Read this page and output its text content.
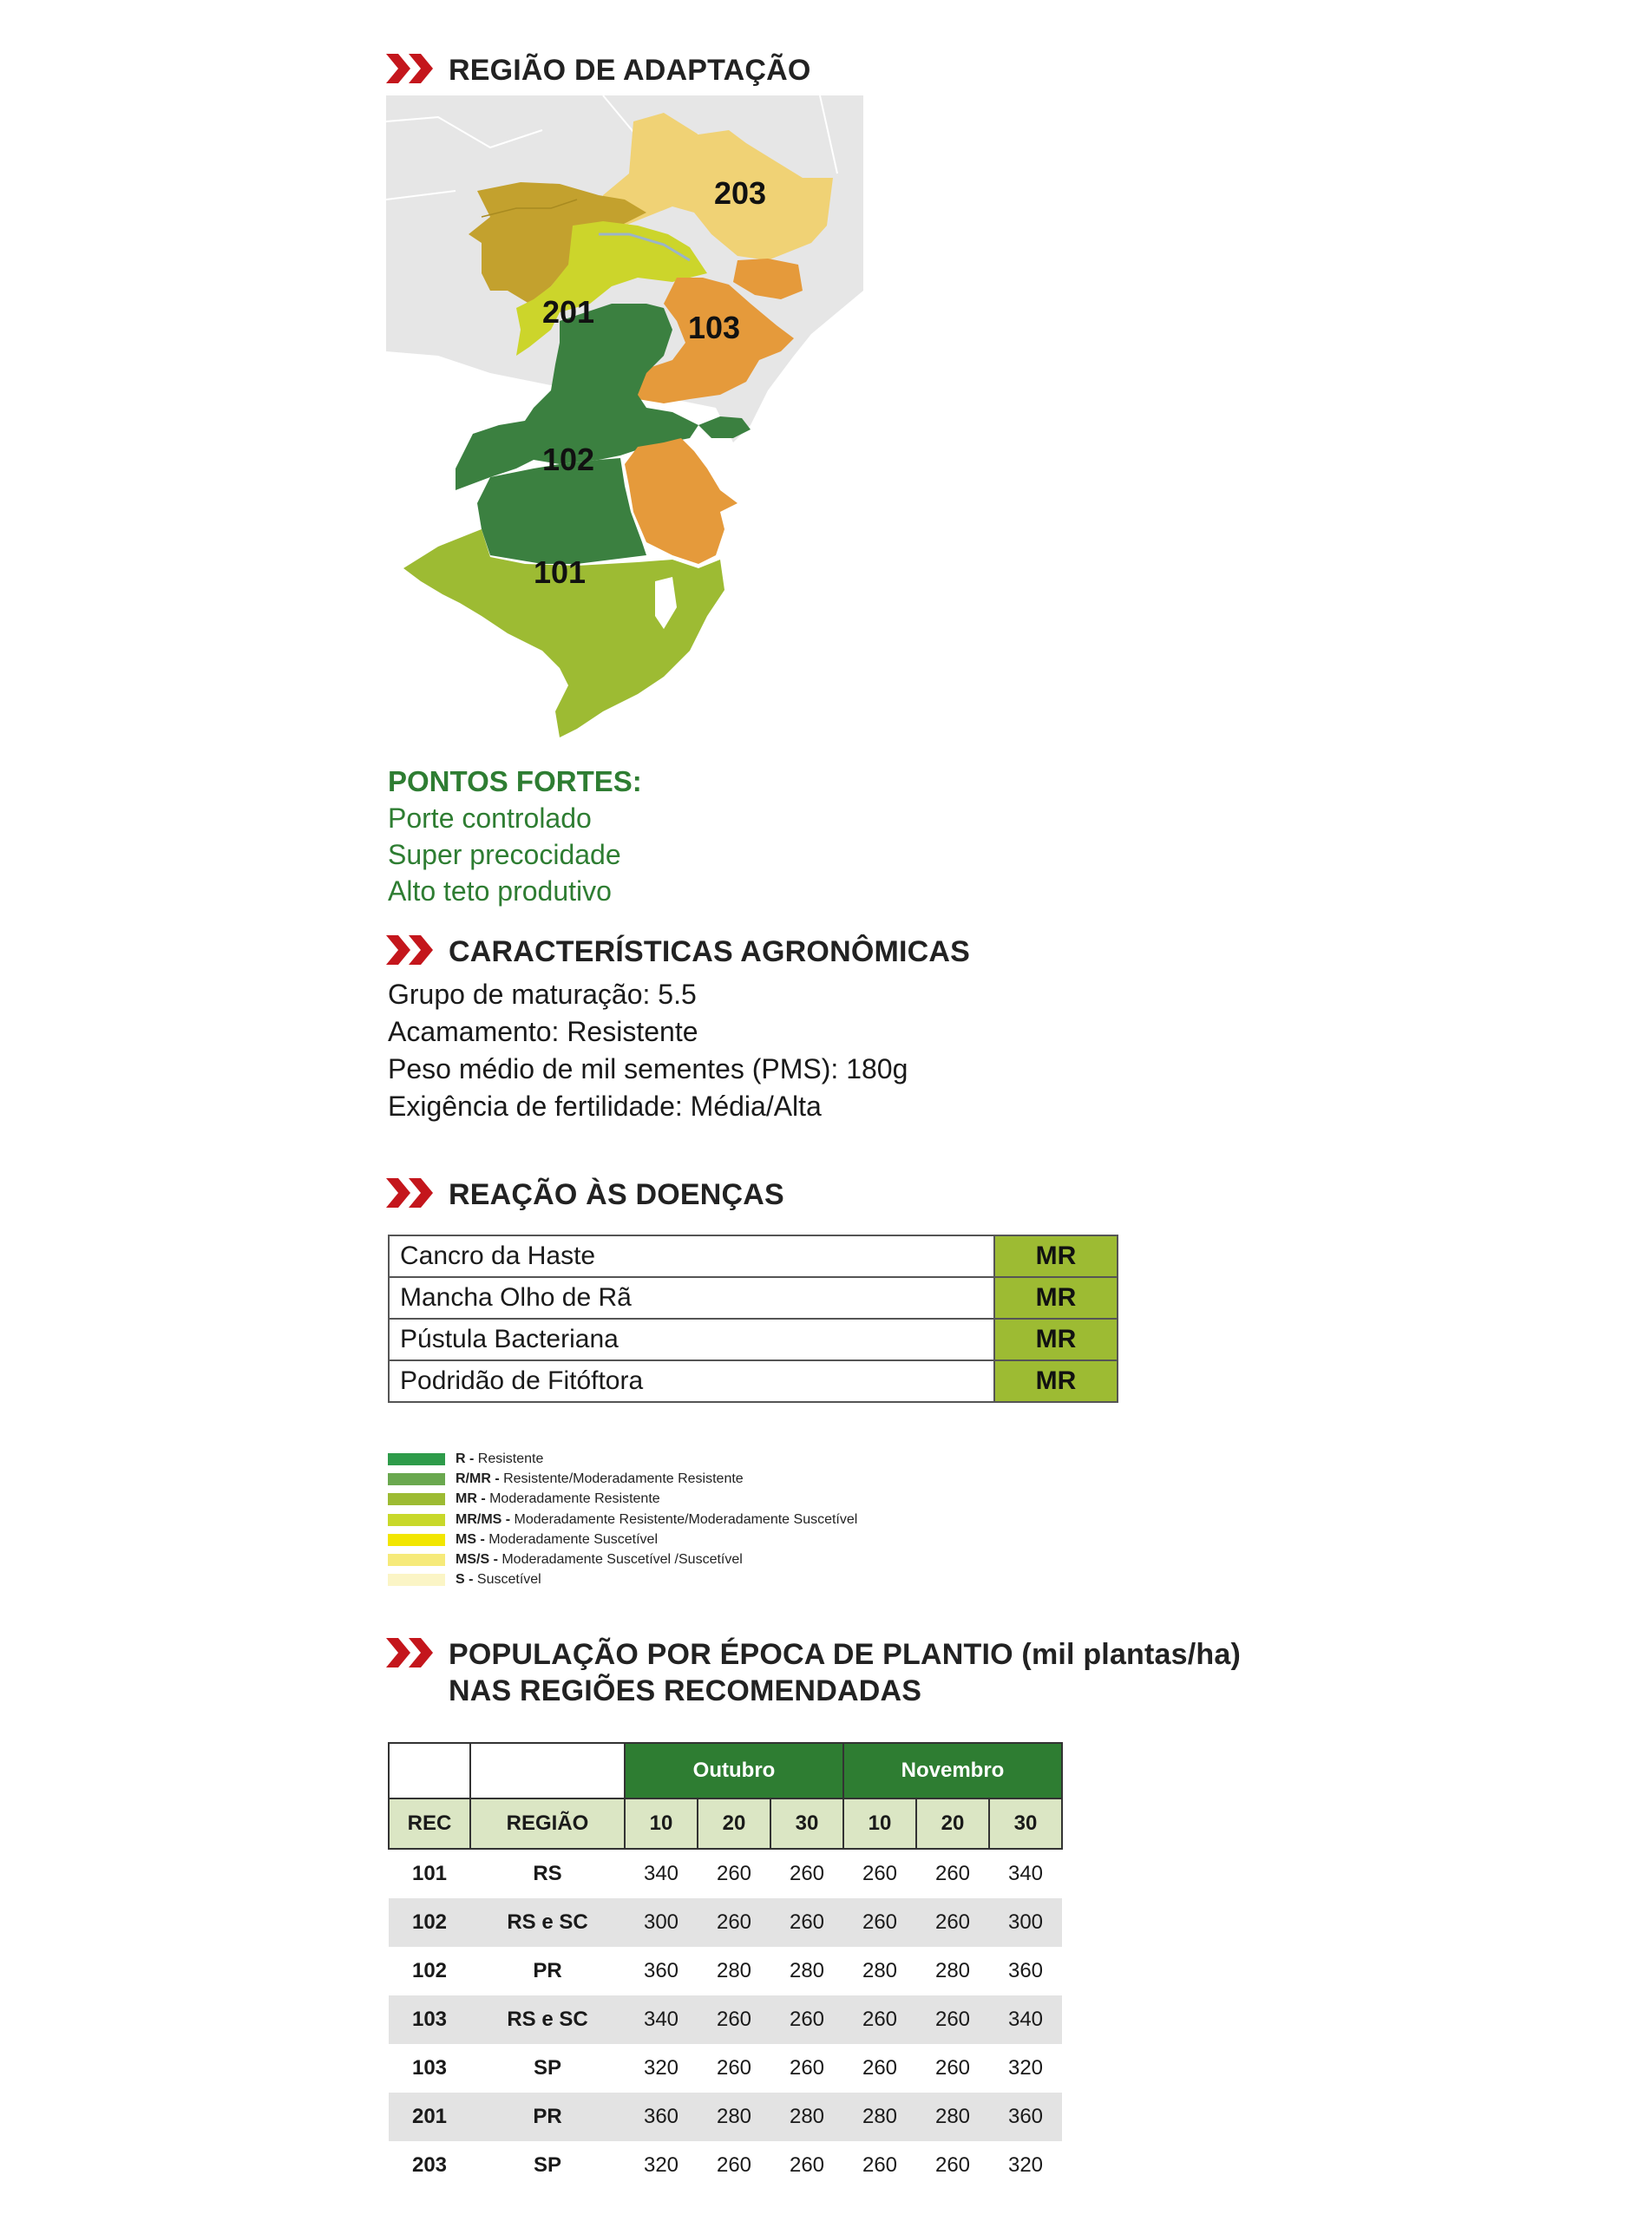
REGIÃO DE ADAPTAÇÃO
203
201	103
102
101
PONTOS FORTES:
Porte controlado
Super precocidade
Alto teto produtivo
CARACTERÍSTICAS AGRONÔMICAS
Grupo de maturação: 5.5
Acamamento: Resistente
Peso médio de mil sementes (PMS): 180g
Exigência de fertilidade: Média/Alta
REAÇÃO ÀS DOENÇAS
Cancro da Haste	MR
Mancha Olho de Rã	MR
Pústula Bacteriana	MR
Podridão de Fitóftora	MR
R - Resistente
R/MR - Resistente/Moderadamente Resistente
MR - Moderadamente Resistente
MR/MS - Moderadamente Resistente/Moderadamente Suscetível
MS - Moderadamente Suscetível
MS/S - Moderadamente Suscetível /Suscetível
S - Suscetível
POPULAÇÃO POR ÉPOCA DE PLANTIO (mil plantas/ha)
NAS REGIÕES RECOMENDADAS
		Outubro			Novembro		
REC	REGIÃO	10	20	30	10	20	30
101	RS	340	260	260	260	260	340
102	RS e SC	300	260	260	260	260	300
102	PR	360	280	280	280	280	360
103	RS e SC	340	260	260	260	260	340
103	SP	320	260	260	260	260	320
201	PR	360	280	280	280	280	360
203	SP	320	260	260	260	260	320
